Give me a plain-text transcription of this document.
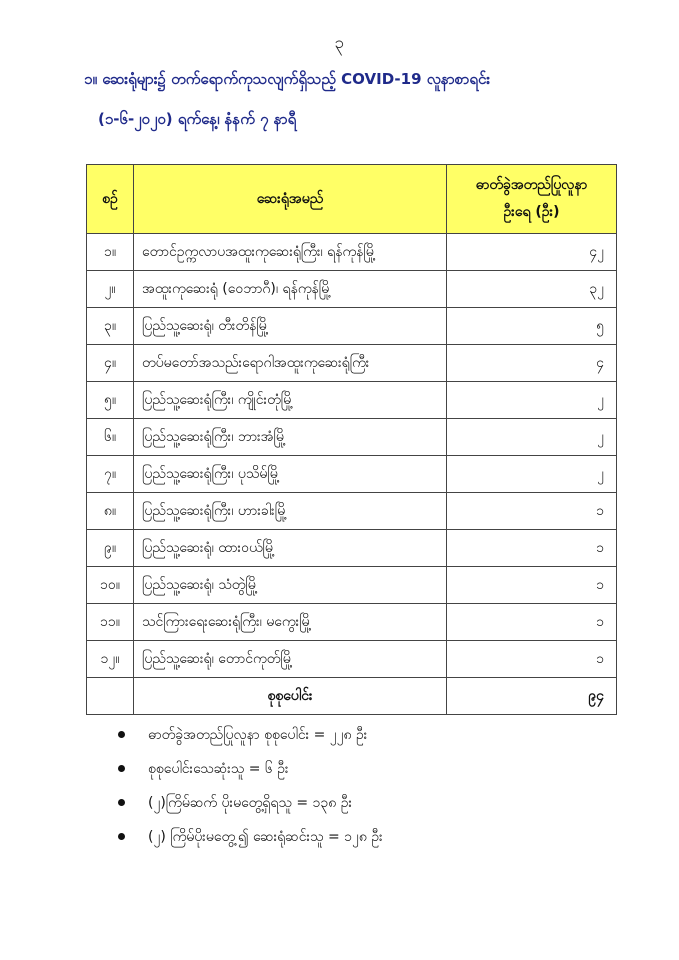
၃
၁။ ဆေးရုံများ၌ တက်ရောက်ကုသလျက်ရှိသည့် COVID-19 လူနာစာရင်း
(၁-၆-၂၀၂၀) ရက်နေ့၊ နံနက် ၇ နာရီ
စဉ်	ဆေးရုံအမည်	ဓာတ်ခွဲအတည်ပြုလူနာ
ဦးရေ (ဦး)

၁။	တောင်ဥက္ကလာပအထူးကုဆေးရုံကြီး၊ ရန်ကုန်မြို့	၄၂
၂။	အထူးကုဆေးရုံ (ဝေဘာဂီ)၊ ရန်ကုန်မြို့	၃၂
၃။	ပြည်သူ့ဆေးရုံ၊ တီးတိန်မြို့	၅
၄။	တပ်မတော်အသည်းရောဂါအထူးကုဆေးရုံကြီး	၄
၅။	ပြည်သူ့ဆေးရုံကြီး၊ ကျိုင်းတုံမြို့	၂
၆။	ပြည်သူ့ဆေးရုံကြီး၊ ဘားအံမြို့	၂
၇။	ပြည်သူ့ဆေးရုံကြီး၊ ပုသိမ်မြို့	၂
၈။	ပြည်သူ့ဆေးရုံကြီး၊ ဟားခါးမြို့	၁
၉။	ပြည်သူ့ဆေးရုံ၊ ထားဝယ်မြို့	၁
၁၀။	ပြည်သူ့ဆေးရုံ၊ သံတွဲမြို့	၁
၁၁။	သင်ကြားရေးဆေးရုံကြီး၊ မကွေးမြို့	၁
၁၂။	ပြည်သူ့ဆေးရုံ၊ တောင်ကုတ်မြို့	၁
	စုစုပေါင်း	၉၄
ဓာတ်ခွဲအတည်ပြုလူနာ စုစုပေါင်း = ၂၂၈ ဦး
စုစုပေါင်းသေဆုံးသူ = ၆ ဦး
(၂)ကြိမ်ဆက် ပိုးမတွေ့ရှိရသူ = ၁၃၈ ဦး
(၂) ကြိမ်ပိုးမတွေ့၍ ဆေးရုံဆင်းသူ = ၁၂၈ ဦး
